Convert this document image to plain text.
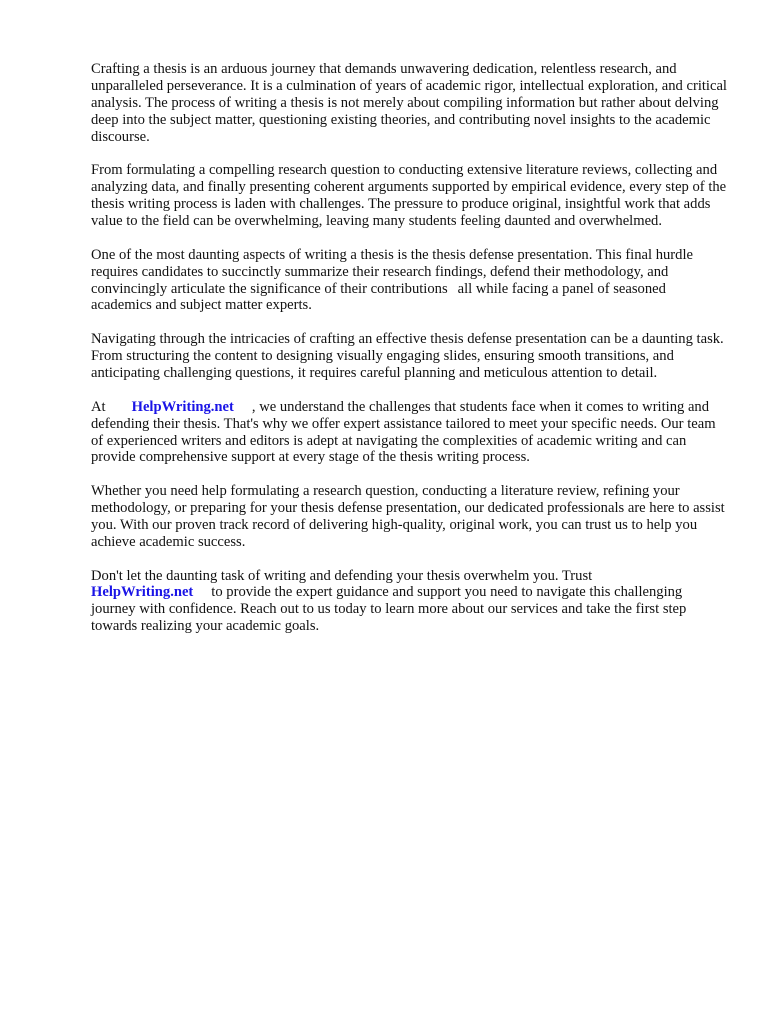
Crafting a thesis is an arduous journey that demands unwavering dedication, relentless research, and unparalleled perseverance. It is a culmination of years of academic rigor, intellectual exploration, and critical analysis. The process of writing a thesis is not merely about compiling information but rather about delving deep into the subject matter, questioning existing theories, and contributing novel insights to the academic discourse.

From formulating a compelling research question to conducting extensive literature reviews, collecting and analyzing data, and finally presenting coherent arguments supported by empirical evidence, every step of the thesis writing process is laden with challenges. The pressure to produce original, insightful work that adds value to the field can be overwhelming, leaving many students feeling daunted and overwhelmed.

One of the most daunting aspects of writing a thesis is the thesis defense presentation. This final hurdle requires candidates to succinctly summarize their research findings, defend their methodology, and convincingly articulate the significance of their contributions all while facing a panel of seasoned academics and subject matter experts.

Navigating through the intricacies of crafting an effective thesis defense presentation can be a daunting task. From structuring the content to designing visually engaging slides, ensuring smooth transitions, and anticipating challenging questions, it requires careful planning and meticulous attention to detail.

At HelpWriting.net , we understand the challenges that students face when it comes to writing and defending their thesis. That's why we offer expert assistance tailored to meet your specific needs. Our team of experienced writers and editors is adept at navigating the complexities of academic writing and can provide comprehensive support at every stage of the thesis writing process.

Whether you need help formulating a research question, conducting a literature review, refining your methodology, or preparing for your thesis defense presentation, our dedicated professionals are here to assist you. With our proven track record of delivering high-quality, original work, you can trust us to help you achieve academic success.

Don't let the daunting task of writing and defending your thesis overwhelm you. Trust
HelpWriting.net to provide the expert guidance and support you need to navigate this challenging journey with confidence. Reach out to us today to learn more about our services and take the first step towards realizing your academic goals.
